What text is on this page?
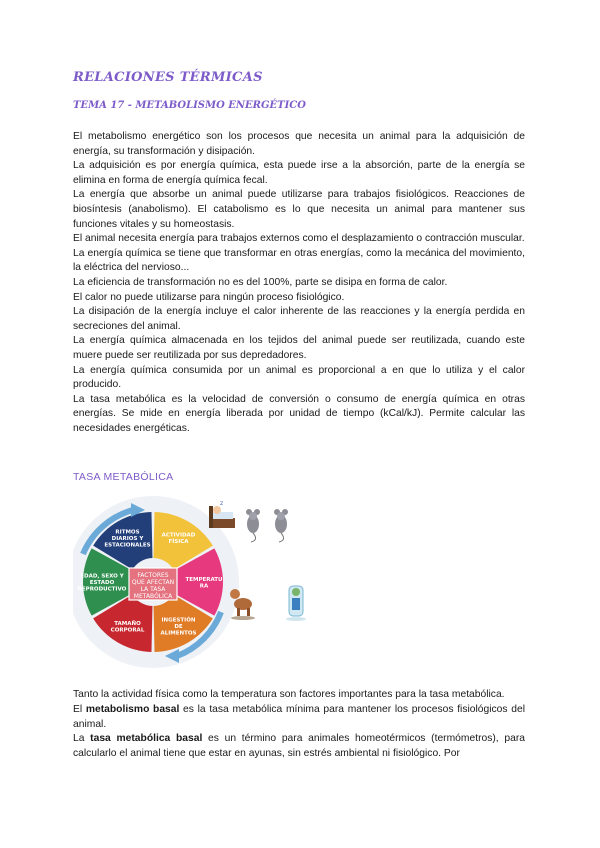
RELACIONES TÉRMICAS
TEMA 17 - METABOLISMO ENERGÉTICO

El metabolismo energético son los procesos que necesita un animal para la adquisición de energía, su transformación y disipación.

La adquisición es por energía química, esta puede irse a la absorción, parte de la energía se elimina en forma de energía química fecal.

La energía que absorbe un animal puede utilizarse para trabajos fisiológicos. Reacciones de biosíntesis (anabolismo). El catabolismo es lo que necesita un animal para mantener sus funciones vitales y su homeostasis.

El animal necesita energía para trabajos externos como el desplazamiento o contracción muscular.

La energía química se tiene que transformar en otras energías, como la mecánica del movimiento, la eléctrica del nervioso...

La eficiencia de transformación no es del 100%, parte se disipa en forma de calor.

El calor no puede utilizarse para ningún proceso fisiológico.

La disipación de la energía incluye el calor inherente de las reacciones y la energía perdida en secreciones del animal.

La energía química almacenada en los tejidos del animal puede ser reutilizada, cuando este muere puede ser reutilizada por sus depredadores.

La energía química consumida por un animal es proporcional a en que lo utiliza y el calor producido.

La tasa metabólica es la velocidad de conversión o consumo de energía química en otras energías. Se mide en energía liberada por unidad de tiempo (kCal/kJ). Permite calcular las necesidades energéticas.

TASA METABÓLICA
ACTIVIDAD
FÍSICA
TEMPERATU
RA
INGESTIÓN
DE
ALIMENTOS
TAMAÑO
CORPORAL
EDAD, SEXO Y
ESTADO
REPRODUCTIVO
RITMOS
DIARIOS Y
ESTACIONALES
FACTORES
QUE AFECTAN
LA TASA
METABÓLICA
z

Tanto la actividad física como la temperatura son factores importantes para la tasa metabólica.

El metabolismo basal es la tasa metabólica mínima para mantener los procesos fisiológicos del animal.

La tasa metabólica basal es un término para animales homeotérmicos (termómetros), para calcularlo el animal tiene que estar en ayunas, sin estrés ambiental ni fisiológico. Por
